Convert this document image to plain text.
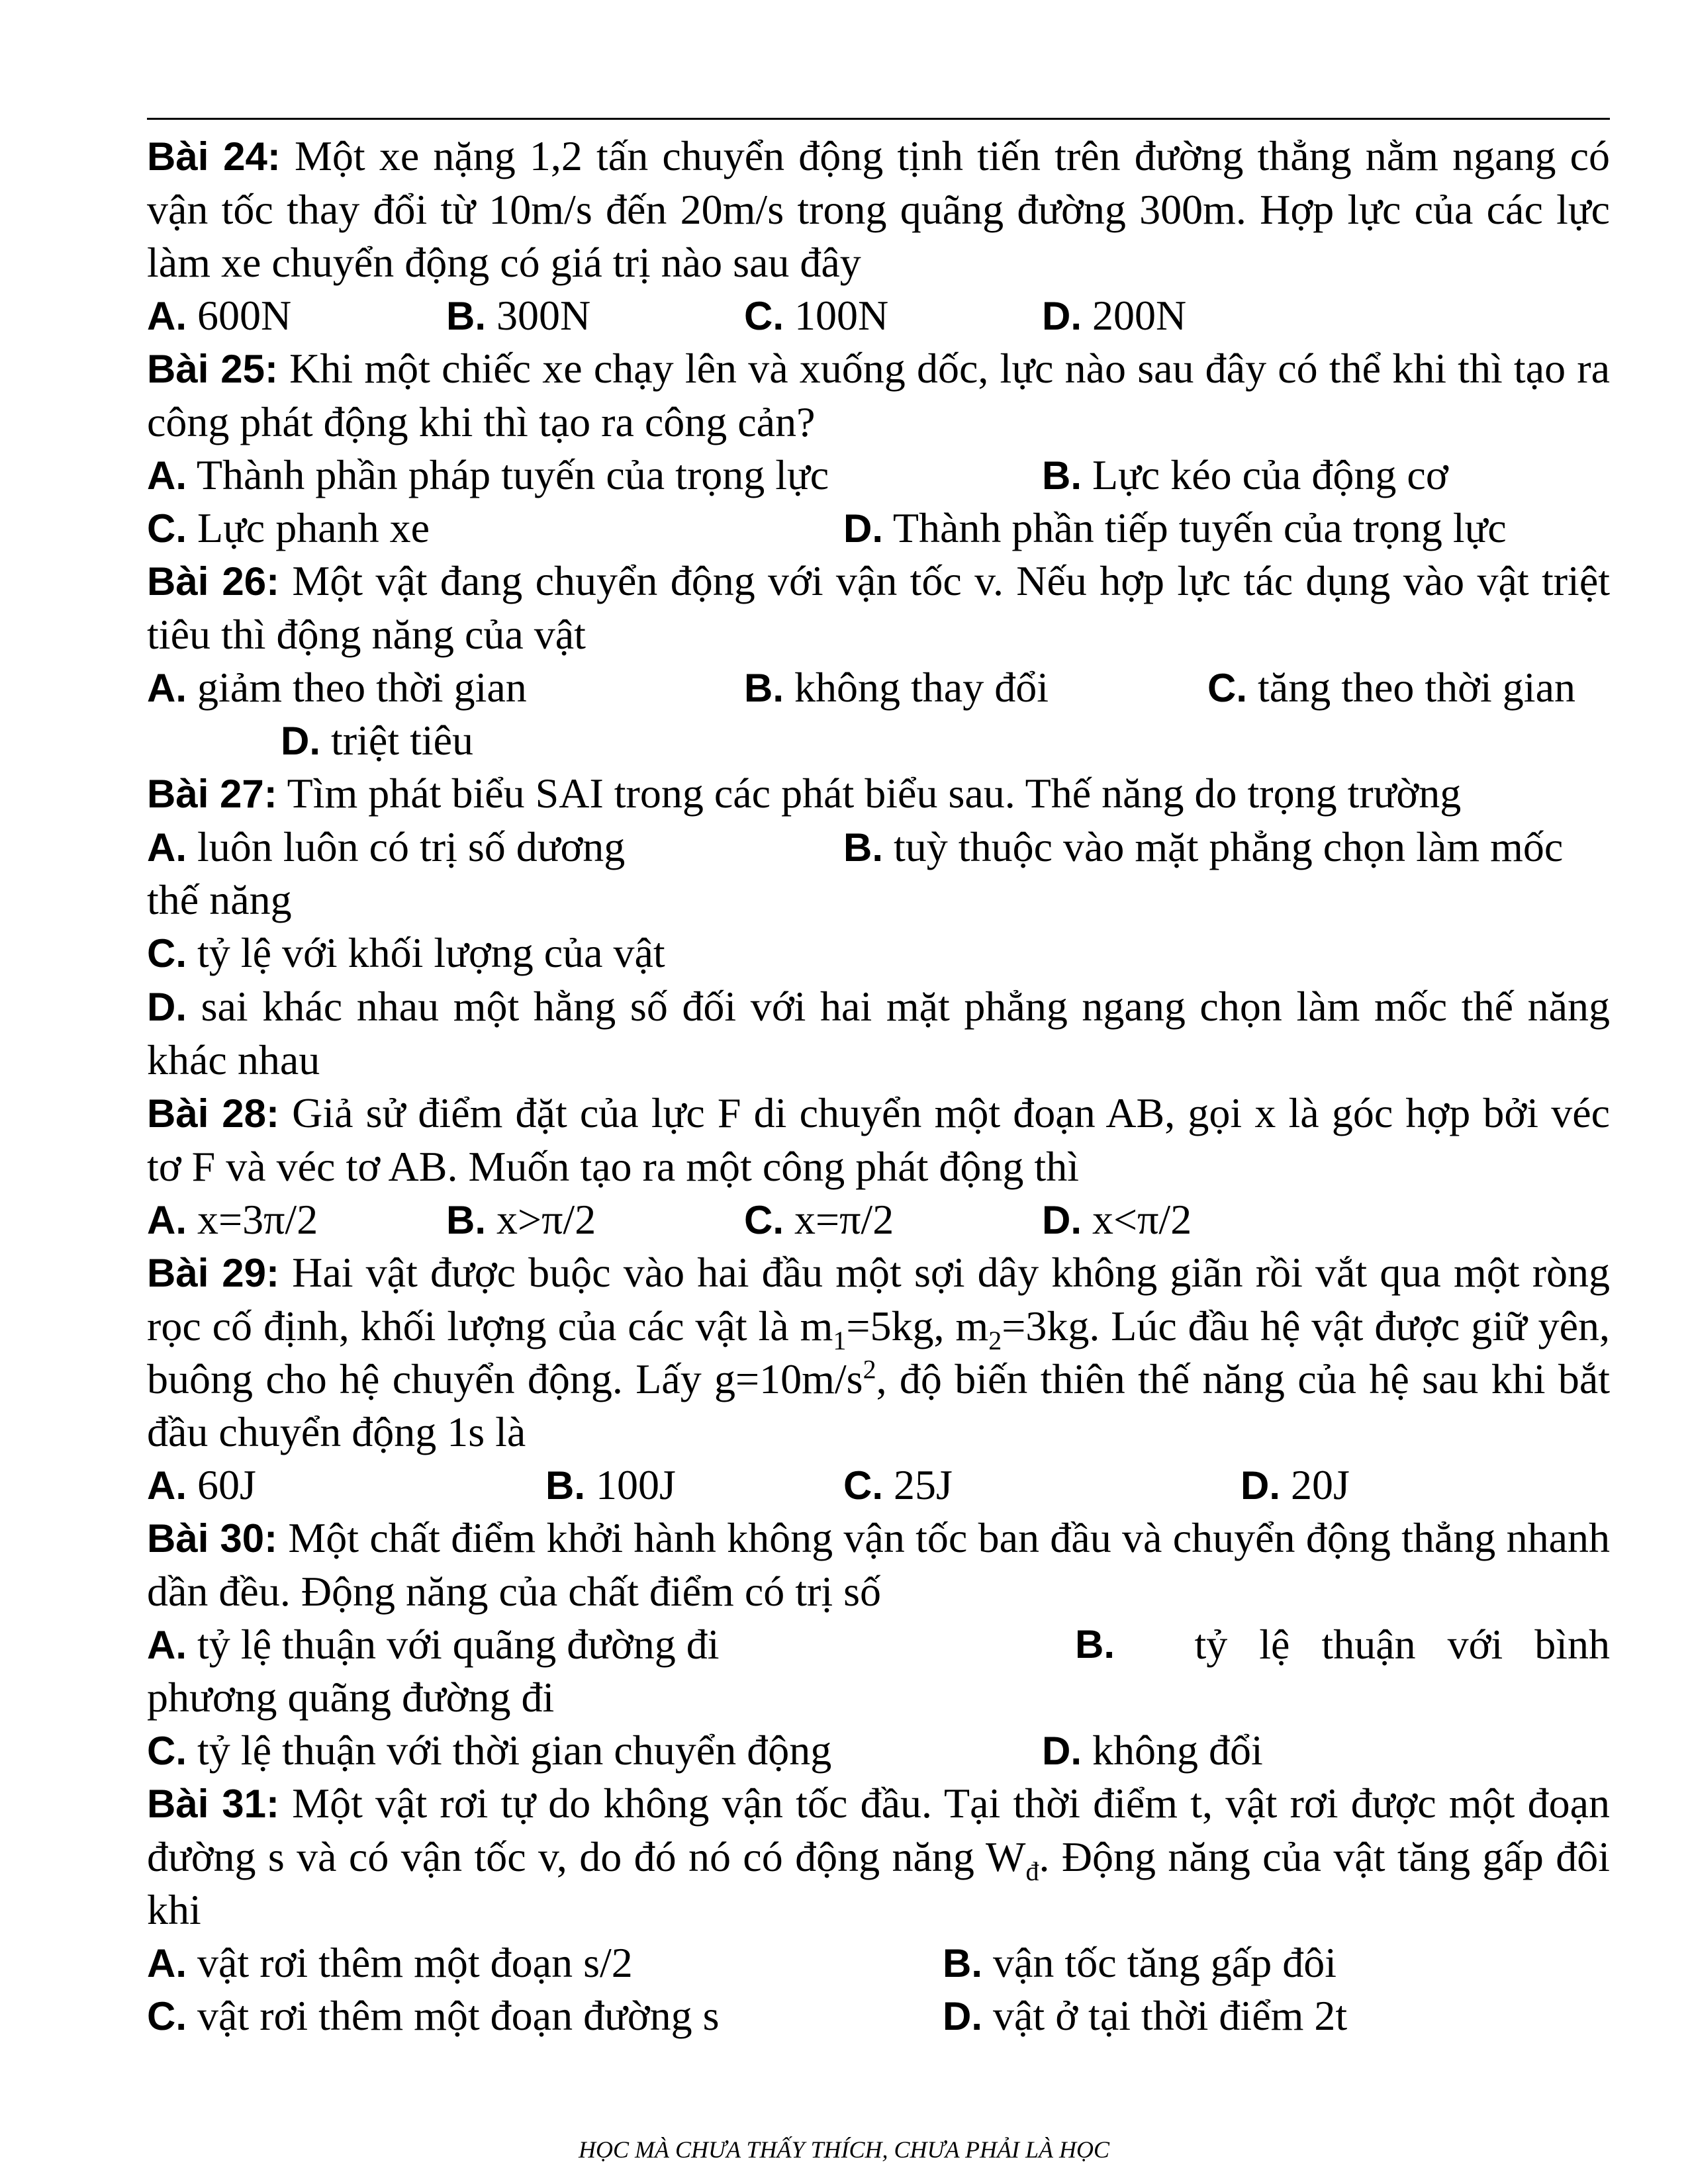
Bài 24: Một xe nặng 1,2 tấn chuyển động tịnh tiến trên đường thẳng nằm ngang có vận tốc thay đổi từ 10m/s đến 20m/s trong quãng đường 300m. Hợp lực của các lực làm xe chuyển động có giá trị nào sau đây
A. 600N	B. 300N	C. 100N	D. 200N
Bài 25: Khi một chiếc xe chạy lên và xuống dốc, lực nào sau đây có thể khi thì tạo ra công phát động khi thì tạo ra công cản?
A. Thành phần pháp tuyến của trọng lực	B. Lực kéo của động cơ
C. Lực phanh xe	D. Thành phần tiếp tuyến của trọng lực
Bài 26: Một vật đang chuyển động với vận tốc v. Nếu hợp lực tác dụng vào vật triệt tiêu thì động năng của vật
A. giảm theo thời gian	B. không thay đổi	C. tăng theo thời gian
D. triệt tiêu
Bài 27: Tìm phát biểu SAI trong các phát biểu sau. Thế năng do trọng trường
A. luôn luôn có trị số dương	B. tuỳ thuộc vào mặt phẳng chọn làm mốc
thế năng
C. tỷ lệ với khối lượng của vật
D. sai khác nhau một hằng số đối với hai mặt phẳng ngang chọn làm mốc thế năng khác nhau
Bài 28: Giả sử điểm đặt của lực F di chuyển một đoạn AB, gọi x là góc hợp bởi véc tơ F và véc tơ AB. Muốn tạo ra một công phát động thì
A. x=3π/2	B. x>π/2	C. x=π/2	D. x<π/2
Bài 29: Hai vật được buộc vào hai đầu một sợi dây không giãn rồi vắt qua một ròng rọc cố định, khối lượng của các vật là $m_1=5kg$, $m_2=3kg$. Lúc đầu hệ vật được giữ yên, buông cho hệ chuyển động. Lấy $g=10m/s^2$, độ biến thiên thế năng của hệ sau khi bắt đầu chuyển động 1s là
A. 60J	B. 100J	C. 25J	D. 20J
Bài 30: Một chất điểm khởi hành không vận tốc ban đầu và chuyển động thẳng nhanh dần đều. Động năng của chất điểm có trị số
A. tỷ lệ thuận với quãng đường đi	B. tỷ   lệ   thuận   với   bình
phương quãng đường đi
C. tỷ lệ thuận với thời gian chuyển động	D. không đổi
Bài 31: Một vật rơi tự do không vận tốc đầu. Tại thời điểm t, vật rơi được một đoạn đường s và có vận tốc v, do đó nó có động năng $W_đ$. Động năng của vật tăng gấp đôi khi
A. vật rơi thêm một đoạn s/2	B. vận tốc tăng gấp đôi
C. vật rơi thêm một đoạn đường s	D. vật ở tại thời điểm 2t
HỌC MÀ CHƯA THẤY THÍCH, CHƯA PHẢI LÀ HỌC
